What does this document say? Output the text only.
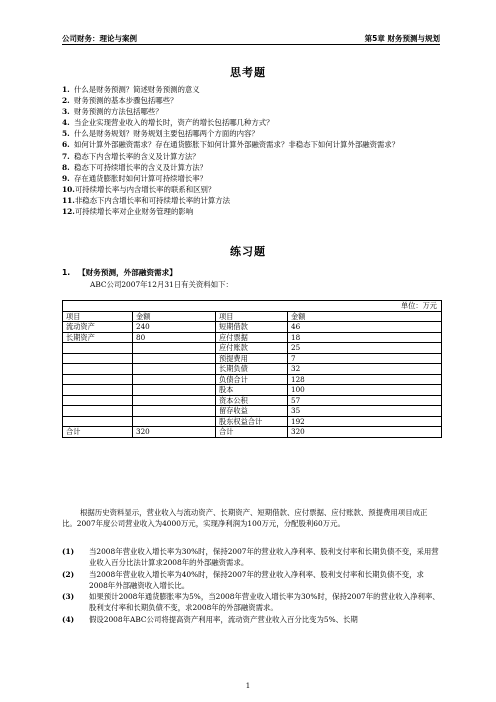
公司财务：理论与案例	第5章 财务预测与规划
思考题
1. 什么是财务预测？简述财务预测的意义
2. 财务预测的基本步骤包括哪些？
3. 财务预测的方法包括哪些？
4. 当企业实现营业收入的增长时，资产的增长包括哪几种方式？
5. 什么是财务规划？财务规划主要包括哪两个方面的内容？
6. 如何计算外部融资需求？存在通货膨胀下如何计算外部融资需求？非稳态下如何计算外部融资需求？
7. 稳态下内含增长率的含义及计算方法？
8. 稳态下可持续增长率的含义及计算方法？
9. 存在通货膨胀时如何计算可持续增长率？
10. 可持续增长率与内含增长率的联系和区别？
11. 非稳态下内含增长率和可持续增长率的计算方法
12. 可持续增长率对企业财务管理的影响
练习题
1. 【财务预测，外部融资需求】
ABC公司2007年12月31日有关资料如下：
单位：万元			
项目	金额	项目	金额
流动资产	240	短期借款	46
长期资产	80	应付票据	18
		应付账款	25
		预提费用	7
		长期负债	32
		负债合计	128
		股本	100
		资本公积	57
		留存收益	35
		股东权益合计	192
合计	320	合计	320
根据历史资料显示，营业收入与流动资产、长期资产、短期借款、应付票据、应付账款、预提费用项目成正比。2007年度公司营业收入为4000万元，实现净利润为100万元，分配股利60万元。
(1)	当2008年营业收入增长率为30%时，保持2007年的营业收入净利率、股利支付率和长期负债不变，采用营业收入百分比法计算求2008年的外部融资需求。
(2)	当2008年营业收入增长率为40%时，保持2007年的营业收入净利率、股利支付率和长期负债不变，求2008年外部融资收入增长比。
(3)	如果预计2008年通货膨胀率为5%，当2008年营业收入增长率为30%时，保持2007年的营业收入净利率、股利支付率和长期负债不变，求2008年的外部融资需求。
(4)	假设2008年ABC公司将提高资产利用率，流动资产营业收入百分比变为5%、长期
1
